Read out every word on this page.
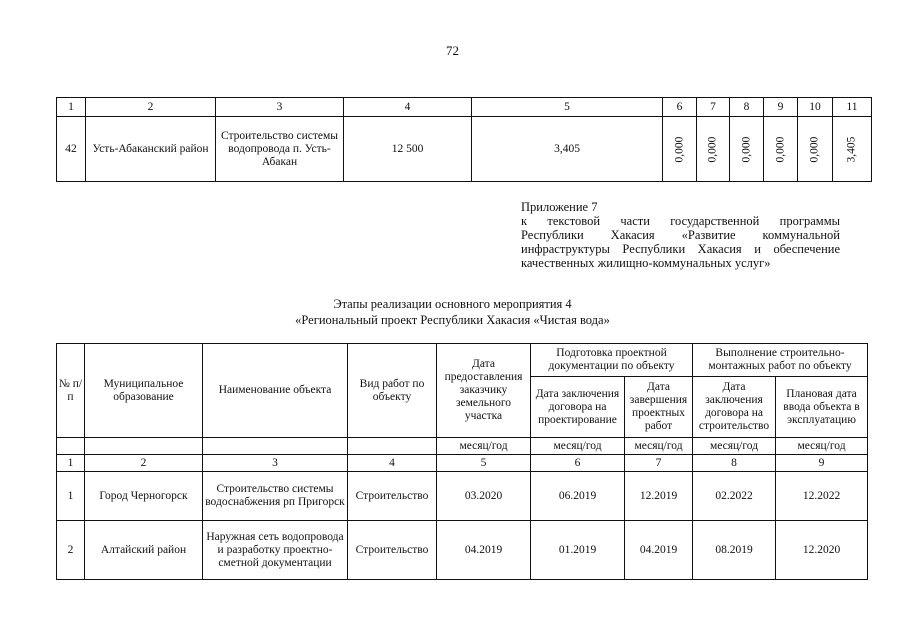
72
1	2	3	4	5	6	7	8	9	10	11
42	Усть-Абаканский район	Строительство системы водопровода п. Усть-Абакан	12 500	3,405	0,000	0,000	0,000	0,000	0,000	3,405
Приложение 7
к текстовой части государственной программы
Республики Хакасия «Развитие коммунальной
инфраструктуры Республики Хакасия и обеспечение
качественных жилищно-коммунальных услуг»
Этапы реализации основного мероприятия 4
«Региональный проект Республики Хакасия «Чистая вода»
№ п/п	Муниципальное образование	Наименование объекта	Вид работ по объекту	Дата предоставления заказчику земельного участка	Подготовка проектной документации по объекту		Выполнение строительно-монтажных работ по объекту	
					Дата заключения договора на проектирование	Дата завершения проектных работ	Дата заключения договора на строительство	Плановая дата ввода объекта в эксплуатацию
				месяц/год	месяц/год	месяц/год	месяц/год	месяц/год
1	2	3	4	5	6	7	8	9
1	Город Черногорск	Строительство системы водоснабжения рп Пригорск	Строительство	03.2020	06.2019	12.2019	02.2022	12.2022
2	Алтайский район	Наружная сеть водопровода и разработку проектно-сметной документации	Строительство	04.2019	01.2019	04.2019	08.2019	12.2020
